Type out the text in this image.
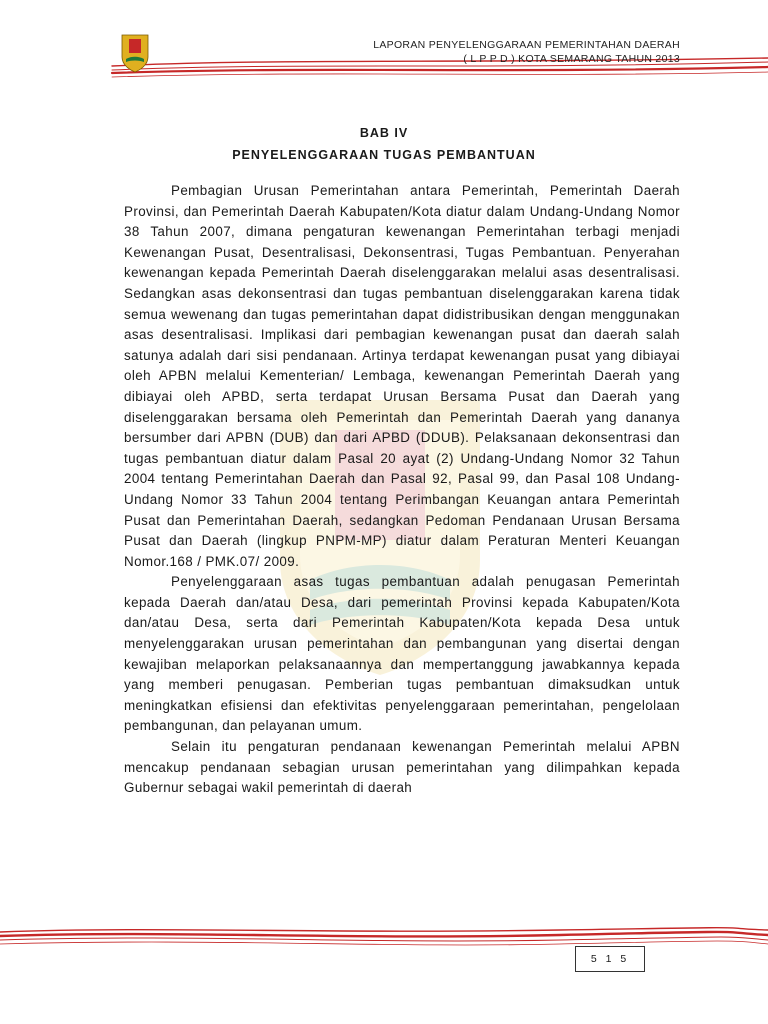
LAPORAN PENYELENGGARAAN PEMERINTAHAN DAERAH
( L P P D ) KOTA SEMARANG TAHUN 2013
BAB IV
PENYELENGGARAAN TUGAS PEMBANTUAN

Pembagian Urusan Pemerintahan antara Pemerintah, Pemerintah Daerah Provinsi, dan Pemerintah Daerah Kabupaten/Kota diatur dalam Undang-Undang Nomor 38 Tahun 2007, dimana pengaturan kewenangan Pemerintahan terbagi menjadi Kewenangan Pusat, Desentralisasi, Dekonsentrasi, Tugas Pembantuan. Penyerahan kewenangan kepada Pemerintah Daerah diselenggarakan melalui asas desentralisasi. Sedangkan asas dekonsentrasi dan tugas pembantuan diselenggarakan karena tidak semua wewenang dan tugas pemerintahan dapat didistribusikan dengan menggunakan asas desentralisasi. Implikasi dari pembagian kewenangan pusat dan daerah salah satunya adalah dari sisi pendanaan. Artinya terdapat kewenangan pusat yang dibiayai oleh APBN melalui Kementerian/ Lembaga, kewenangan Pemerintah Daerah yang dibiayai oleh APBD, serta terdapat Urusan Bersama Pusat dan Daerah yang diselenggarakan bersama oleh Pemerintah dan Pemerintah Daerah yang dananya bersumber dari APBN (DUB) dan dari APBD (DDUB). Pelaksanaan dekonsentrasi dan tugas pembantuan diatur dalam Pasal 20 ayat (2) Undang-Undang Nomor 32 Tahun 2004 tentang Pemerintahan Daerah dan Pasal 92, Pasal 99, dan Pasal 108 Undang-Undang Nomor 33 Tahun 2004 tentang Perimbangan Keuangan antara Pemerintah Pusat dan Pemerintahan Daerah, sedangkan Pedoman Pendanaan Urusan Bersama Pusat dan Daerah (lingkup PNPM-MP) diatur dalam Peraturan Menteri Keuangan Nomor.168 / PMK.07/ 2009.

Penyelenggaraan asas tugas pembantuan adalah penugasan Pemerintah kepada Daerah dan/atau Desa, dari pemerintah Provinsi kepada Kabupaten/Kota dan/atau Desa, serta dari Pemerintah Kabupaten/Kota kepada Desa untuk menyelenggarakan urusan pemerintahan dan pembangunan yang disertai dengan kewajiban melaporkan pelaksanaannya dan mempertanggung jawabkannya kepada yang memberi penugasan. Pemberian tugas pembantuan dimaksudkan untuk meningkatkan efisiensi dan efektivitas penyelenggaraan pemerintahan, pengelolaan pembangunan, dan pelayanan umum.

Selain itu pengaturan pendanaan kewenangan Pemerintah melalui APBN mencakup pendanaan sebagian urusan pemerintahan yang dilimpahkan kepada Gubernur sebagai wakil pemerintah di daerah

5 1 5
